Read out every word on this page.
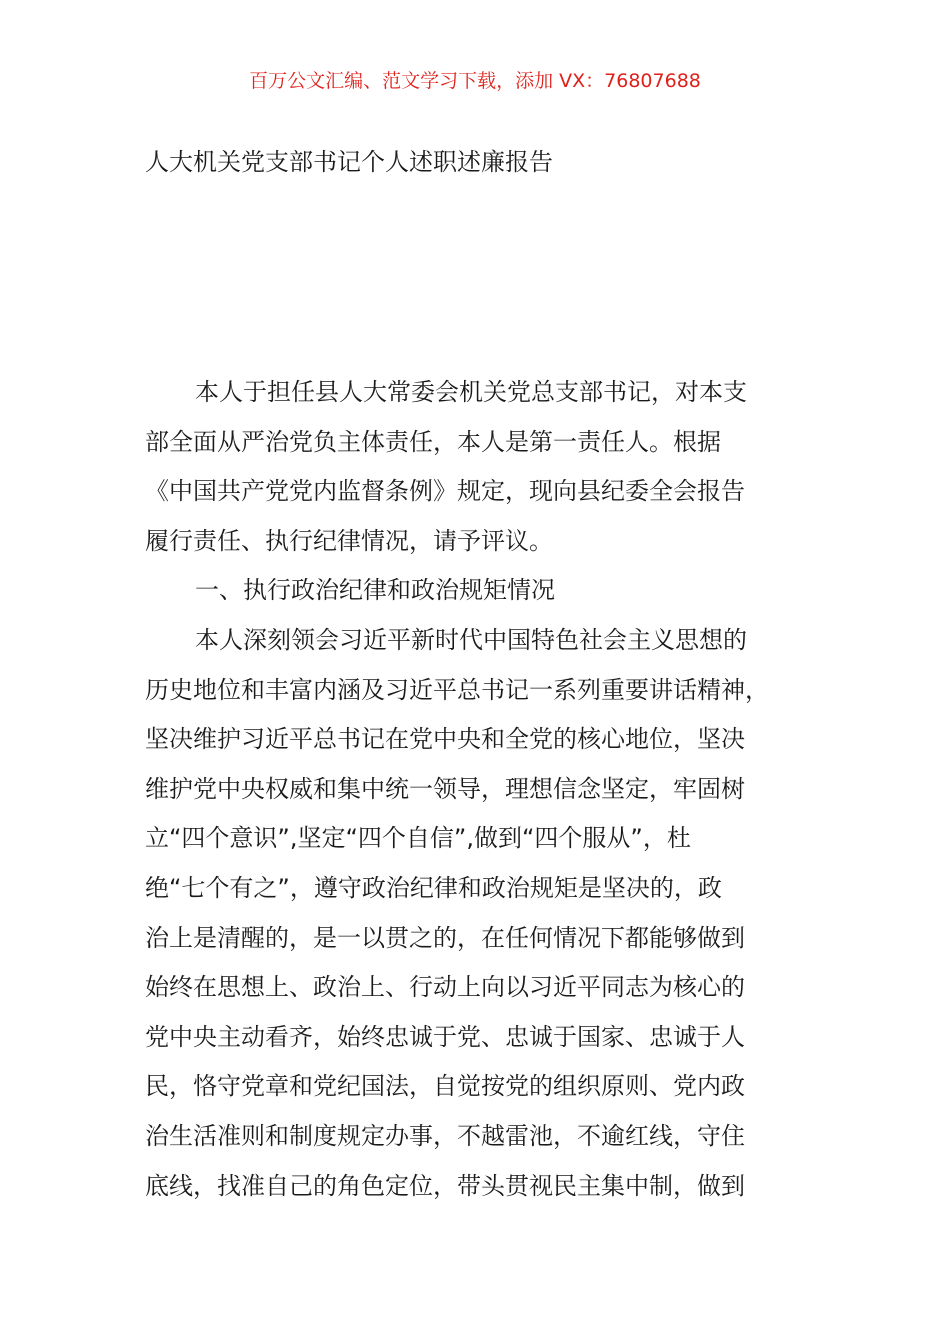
百万公文汇编、范文学习下载，添加 VX：76807688
人大机关党支部书记个人述职述廉报告
本人于担任县人大常委会机关党总支部书记，对本支
部全面从严治党负主体责任，本人是第一责任人。根据
《中国共产党党内监督条例》规定，现向县纪委全会报告
履行责任、执行纪律情况，请予评议。
一、执行政治纪律和政治规矩情况
本人深刻领会习近平新时代中国特色社会主义思想的
历史地位和丰富内涵及习近平总书记一系列重要讲话精神，
坚决维护习近平总书记在党中央和全党的核心地位，坚决
维护党中央权威和集中统一领导，理想信念坚定，牢固树
立“四个意识”,坚定“四个自信”,做到“四个服从”，杜
绝“七个有之”，遵守政治纪律和政治规矩是坚决的，政
治上是清醒的，是一以贯之的，在任何情况下都能够做到
始终在思想上、政治上、行动上向以习近平同志为核心的
党中央主动看齐，始终忠诚于党、忠诚于国家、忠诚于人
民，恪守党章和党纪国法，自觉按党的组织原则、党内政
治生活准则和制度规定办事，不越雷池，不逾红线，守住
底线，找准自己的角色定位，带头贯视民主集中制，做到
